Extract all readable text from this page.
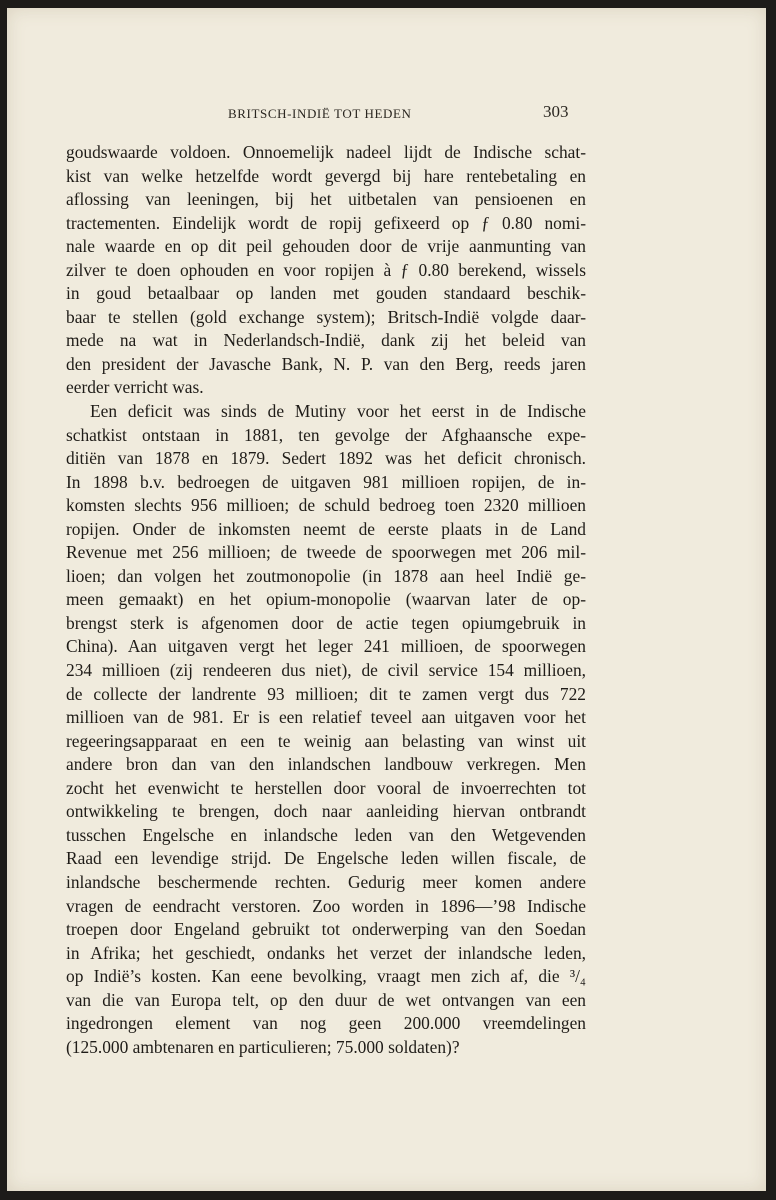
BRITSCH-INDIË TOT HEDEN	303
goudswaarde voldoen. Onnoemelijk nadeel lijdt de Indische schat-
kist van welke hetzelfde wordt gevergd bij hare rentebetaling en
aflossing van leeningen, bij het uitbetalen van pensioenen en
tractementen. Eindelijk wordt de ropij gefixeerd op ƒ 0.80 nomi-
nale waarde en op dit peil gehouden door de vrije aanmunting van
zilver te doen ophouden en voor ropijen à ƒ 0.80 berekend, wissels
in goud betaalbaar op landen met gouden standaard beschik-
baar te stellen (gold exchange system); Britsch-Indië volgde daar-
mede na wat in Nederlandsch-Indië, dank zij het beleid van
den president der Javasche Bank, N. P. van den Berg, reeds jaren
eerder verricht was.
Een deficit was sinds de Mutiny voor het eerst in de Indische
schatkist ontstaan in 1881, ten gevolge der Afghaansche expe-
ditiën van 1878 en 1879. Sedert 1892 was het deficit chronisch.
In 1898 b.v. bedroegen de uitgaven 981 millioen ropijen, de in-
komsten slechts 956 millioen; de schuld bedroeg toen 2320 millioen
ropijen. Onder de inkomsten neemt de eerste plaats in de Land
Revenue met 256 millioen; de tweede de spoorwegen met 206 mil-
lioen; dan volgen het zoutmonopolie (in 1878 aan heel Indië ge-
meen gemaakt) en het opium-monopolie (waarvan later de op-
brengst sterk is afgenomen door de actie tegen opiumgebruik in
China). Aan uitgaven vergt het leger 241 millioen, de spoorwegen
234 millioen (zij rendeeren dus niet), de civil service 154 millioen,
de collecte der landrente 93 millioen; dit te zamen vergt dus 722
millioen van de 981. Er is een relatief teveel aan uitgaven voor het
regeeringsapparaat en een te weinig aan belasting van winst uit
andere bron dan van den inlandschen landbouw verkregen. Men
zocht het evenwicht te herstellen door vooral de invoerrechten tot
ontwikkeling te brengen, doch naar aanleiding hiervan ontbrandt
tusschen Engelsche en inlandsche leden van den Wetgevenden
Raad een levendige strijd. De Engelsche leden willen fiscale, de
inlandsche beschermende rechten. Gedurig meer komen andere
vragen de eendracht verstoren. Zoo worden in 1896—’98 Indische
troepen door Engeland gebruikt tot onderwerping van den Soedan
in Afrika; het geschiedt, ondanks het verzet der inlandsche leden,
op Indië’s kosten. Kan eene bevolking, vraagt men zich af, die ³/₄
van die van Europa telt, op den duur de wet ontvangen van een
ingedrongen element van nog geen 200.000 vreemdelingen
(125.000 ambtenaren en particulieren; 75.000 soldaten)?
